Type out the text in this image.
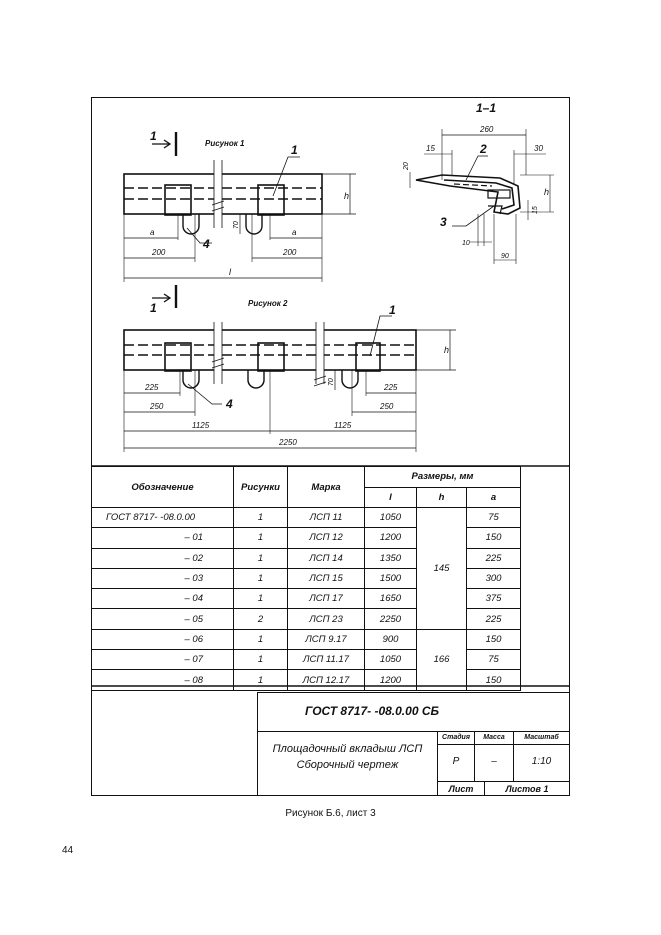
1
Рисунок 1	1
4
70
h
a	a
200	200
l
1–1
260
15	30
20
2
3
h
15
10
90
1	Рисунок 2	1
4
70
h
225	225
250	250
1125	1125
2250
Обозначение	Рисунки	Марка	Размеры, мм		
			l	h	a
ГОСТ 8717- -08.0.00	1	ЛСП 11	1050	145	75
– 01	1	ЛСП 12	1200		150
– 02	1	ЛСП 14	1350		225
– 03	1	ЛСП 15	1500		300
– 04	1	ЛСП 17	1650		375
– 05	2	ЛСП 23	2250		225
– 06	1	ЛСП 9.17	900	166	150
– 07	1	ЛСП 11.17	1050		75
– 08	1	ЛСП 12.17	1200		150
ГОСТ 8717- -08.0.00 СБ
Площадочный вкладыш ЛСП
Сборочный чертеж
Стадия	Масса	Масштаб
Р	–	1:10
Лист	Листов 1
Рисунок Б.6, лист 3
44
